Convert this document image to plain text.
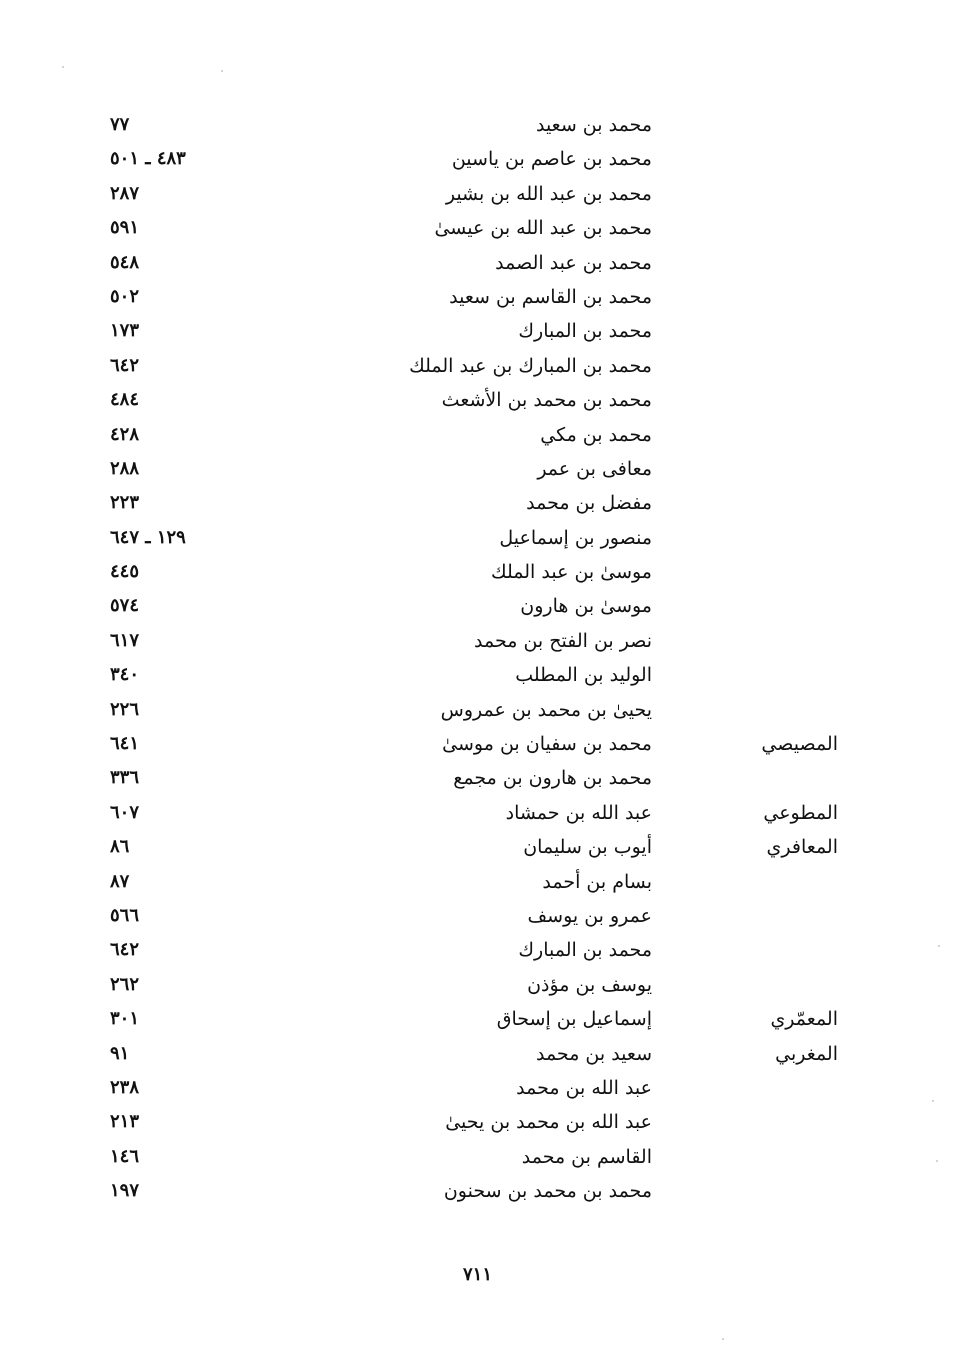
محمد بن سعيد
٧٧
محمد بن عاصم بن ياسين
٤٨٣ ـ ٥٠١
محمد بن عبد الله بن بشير
٢٨٧
محمد بن عبد الله بن عيسىٰ
٥٩١
محمد بن عبد الصمد
٥٤٨
محمد بن القاسم بن سعيد
٥٠٢
محمد بن المبارك
١٧٣
محمد بن المبارك بن عبد الملك
٦٤٢
محمد بن محمد بن الأشعث
٤٨٤
محمد بن مكي
٤٢٨
معافى بن عمر
٢٨٨
مفضل بن محمد
٢٢٣
منصور بن إسماعيل
١٢٩ ـ ٦٤٧
موسىٰ بن عبد الملك
٤٤٥
موسىٰ بن هارون
٥٧٤
نصر بن الفتح بن محمد
٦١٧
الوليد بن المطلب
٣٤٠
يحيىٰ بن محمد بن عمروس
٢٢٦
المصيصي
محمد بن سفيان بن موسىٰ
٦٤١
محمد بن هارون بن مجمع
٣٣٦
المطوعي
عبد الله بن حمشاد
٦٠٧
المعافري
أيوب بن سليمان
٨٦
بسام بن أحمد
٨٧
عمرو بن يوسف
٥٦٦
محمد بن المبارك
٦٤٢
يوسف بن مؤذن
٢٦٢
المعمّري
إسماعيل بن إسحاق
٣٠١
المغربي
سعيد بن محمد
٩١
عبد الله بن محمد
٢٣٨
عبد الله بن محمد بن يحيىٰ
٢١٣
القاسم بن محمد
١٤٦
محمد بن محمد بن سحنون
١٩٧
٧١١
